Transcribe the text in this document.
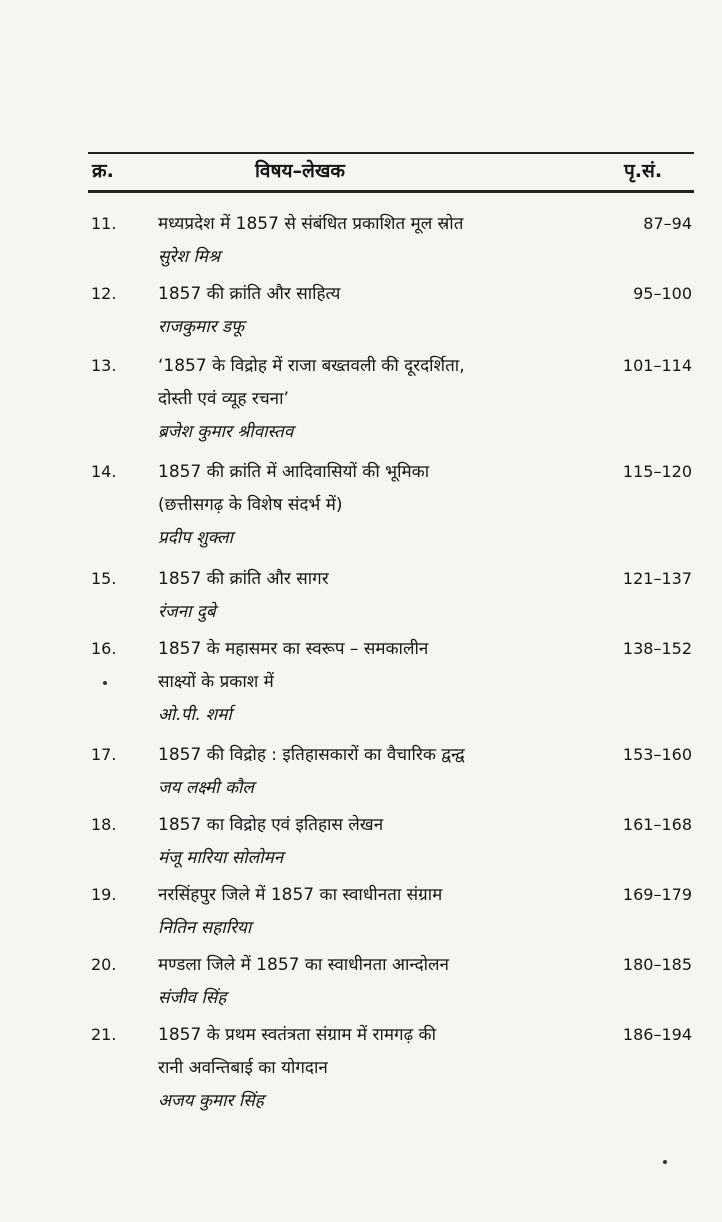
क्र.	विषय–लेखक	पृ.सं.
11. मध्यप्रदेश में 1857 से संबंधित प्रकाशित मूल स्रोत
सुरेश मिश्र
87–94
12. 1857 की क्रांति और साहित्य
राजकुमार डफू
95–100
13. ‘1857 के विद्रोह में राजा बख्तवली की दूरदर्शिता,
दोस्ती एवं व्यूह रचना’
ब्रजेश कुमार श्रीवास्तव
101–114
14. 1857 की क्रांति में आदिवासियों की भूमिका
(छत्तीसगढ़ के विशेष संदर्भ में)
प्रदीप शुक्ला
115–120
15. 1857 की क्रांति और सागर
रंजना दुबे
121–137
16. 1857 के महासमर का स्वरूप – समकालीन
साक्ष्यों के प्रकाश में
ओ.पी. शर्मा
138–152
17. 1857 की विद्रोह : इतिहासकारों का वैचारिक द्वन्द्व
जय लक्ष्मी कौल
153–160
18. 1857 का विद्रोह एवं इतिहास लेखन
मंजू मारिया सोलोमन
161–168
19. नरसिंहपुर जिले में 1857 का स्वाधीनता संग्राम
नितिन सहारिया
169–179
20. मण्डला जिले में 1857 का स्वाधीनता आन्दोलन
संजीव सिंह
180–185
21. 1857 के प्रथम स्वतंत्रता संग्राम में रामगढ़ की
रानी अवन्तिबाई का योगदान
अजय कुमार सिंह
186–194
